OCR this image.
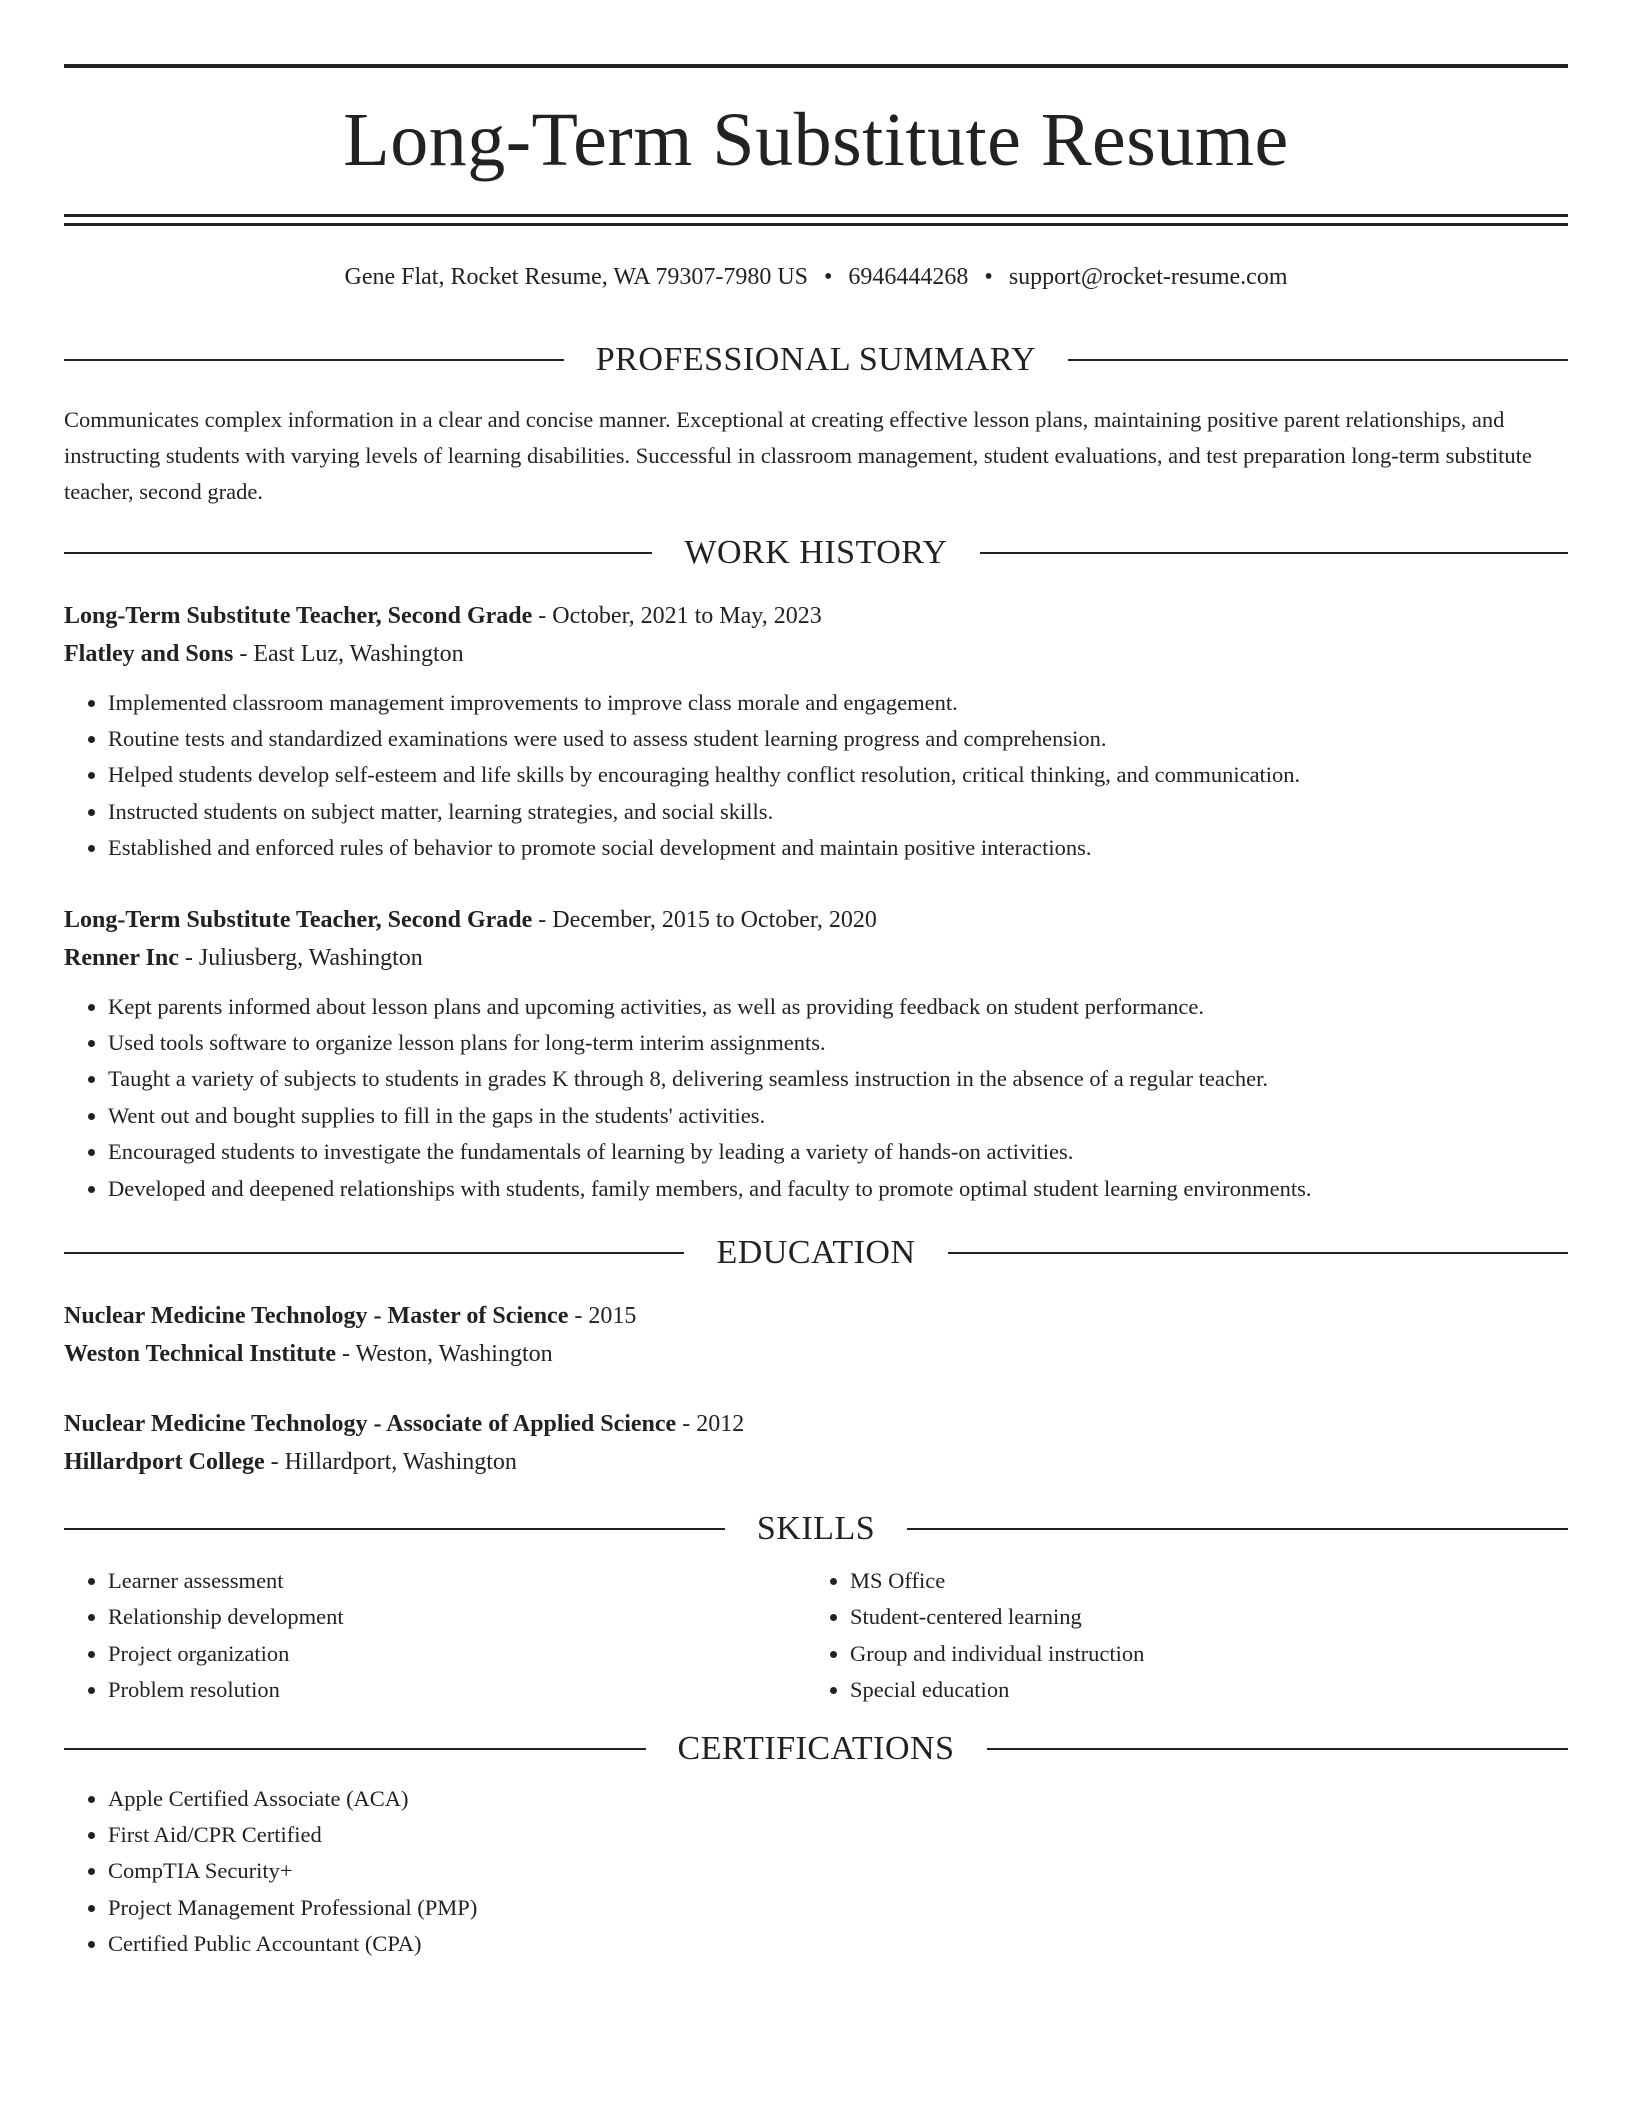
Long-Term Substitute Resume
Gene Flat, Rocket Resume, WA 79307-7980 US • 6946444268 • support@rocket-resume.com
PROFESSIONAL SUMMARY

Communicates complex information in a clear and concise manner. Exceptional at creating effective lesson plans, maintaining positive parent relationships, and instructing students with varying levels of learning disabilities. Successful in classroom management, student evaluations, and test preparation long-term substitute teacher, second grade.

WORK HISTORY
Long-Term Substitute Teacher, Second Grade - October, 2021 to May, 2023
Flatley and Sons - East Luz, Washington
• Implemented classroom management improvements to improve class morale and engagement.
• Routine tests and standardized examinations were used to assess student learning progress and comprehension.
• Helped students develop self-esteem and life skills by encouraging healthy conflict resolution, critical thinking, and communication.
• Instructed students on subject matter, learning strategies, and social skills.
• Established and enforced rules of behavior to promote social development and maintain positive interactions.
Long-Term Substitute Teacher, Second Grade - December, 2015 to October, 2020
Renner Inc - Juliusberg, Washington
• Kept parents informed about lesson plans and upcoming activities, as well as providing feedback on student performance.
• Used tools software to organize lesson plans for long-term interim assignments.
• Taught a variety of subjects to students in grades K through 8, delivering seamless instruction in the absence of a regular teacher.
• Went out and bought supplies to fill in the gaps in the students' activities.
• Encouraged students to investigate the fundamentals of learning by leading a variety of hands-on activities.
• Developed and deepened relationships with students, family members, and faculty to promote optimal student learning environments.
EDUCATION
Nuclear Medicine Technology - Master of Science - 2015
Weston Technical Institute - Weston, Washington
Nuclear Medicine Technology - Associate of Applied Science - 2012
Hillardport College - Hillardport, Washington
SKILLS
• Learner assessment
• Relationship development
• Project organization
• Problem resolution
• MS Office
• Student-centered learning
• Group and individual instruction
• Special education
CERTIFICATIONS
• Apple Certified Associate (ACA)
• First Aid/CPR Certified
• CompTIA Security+
• Project Management Professional (PMP)
• Certified Public Accountant (CPA)
